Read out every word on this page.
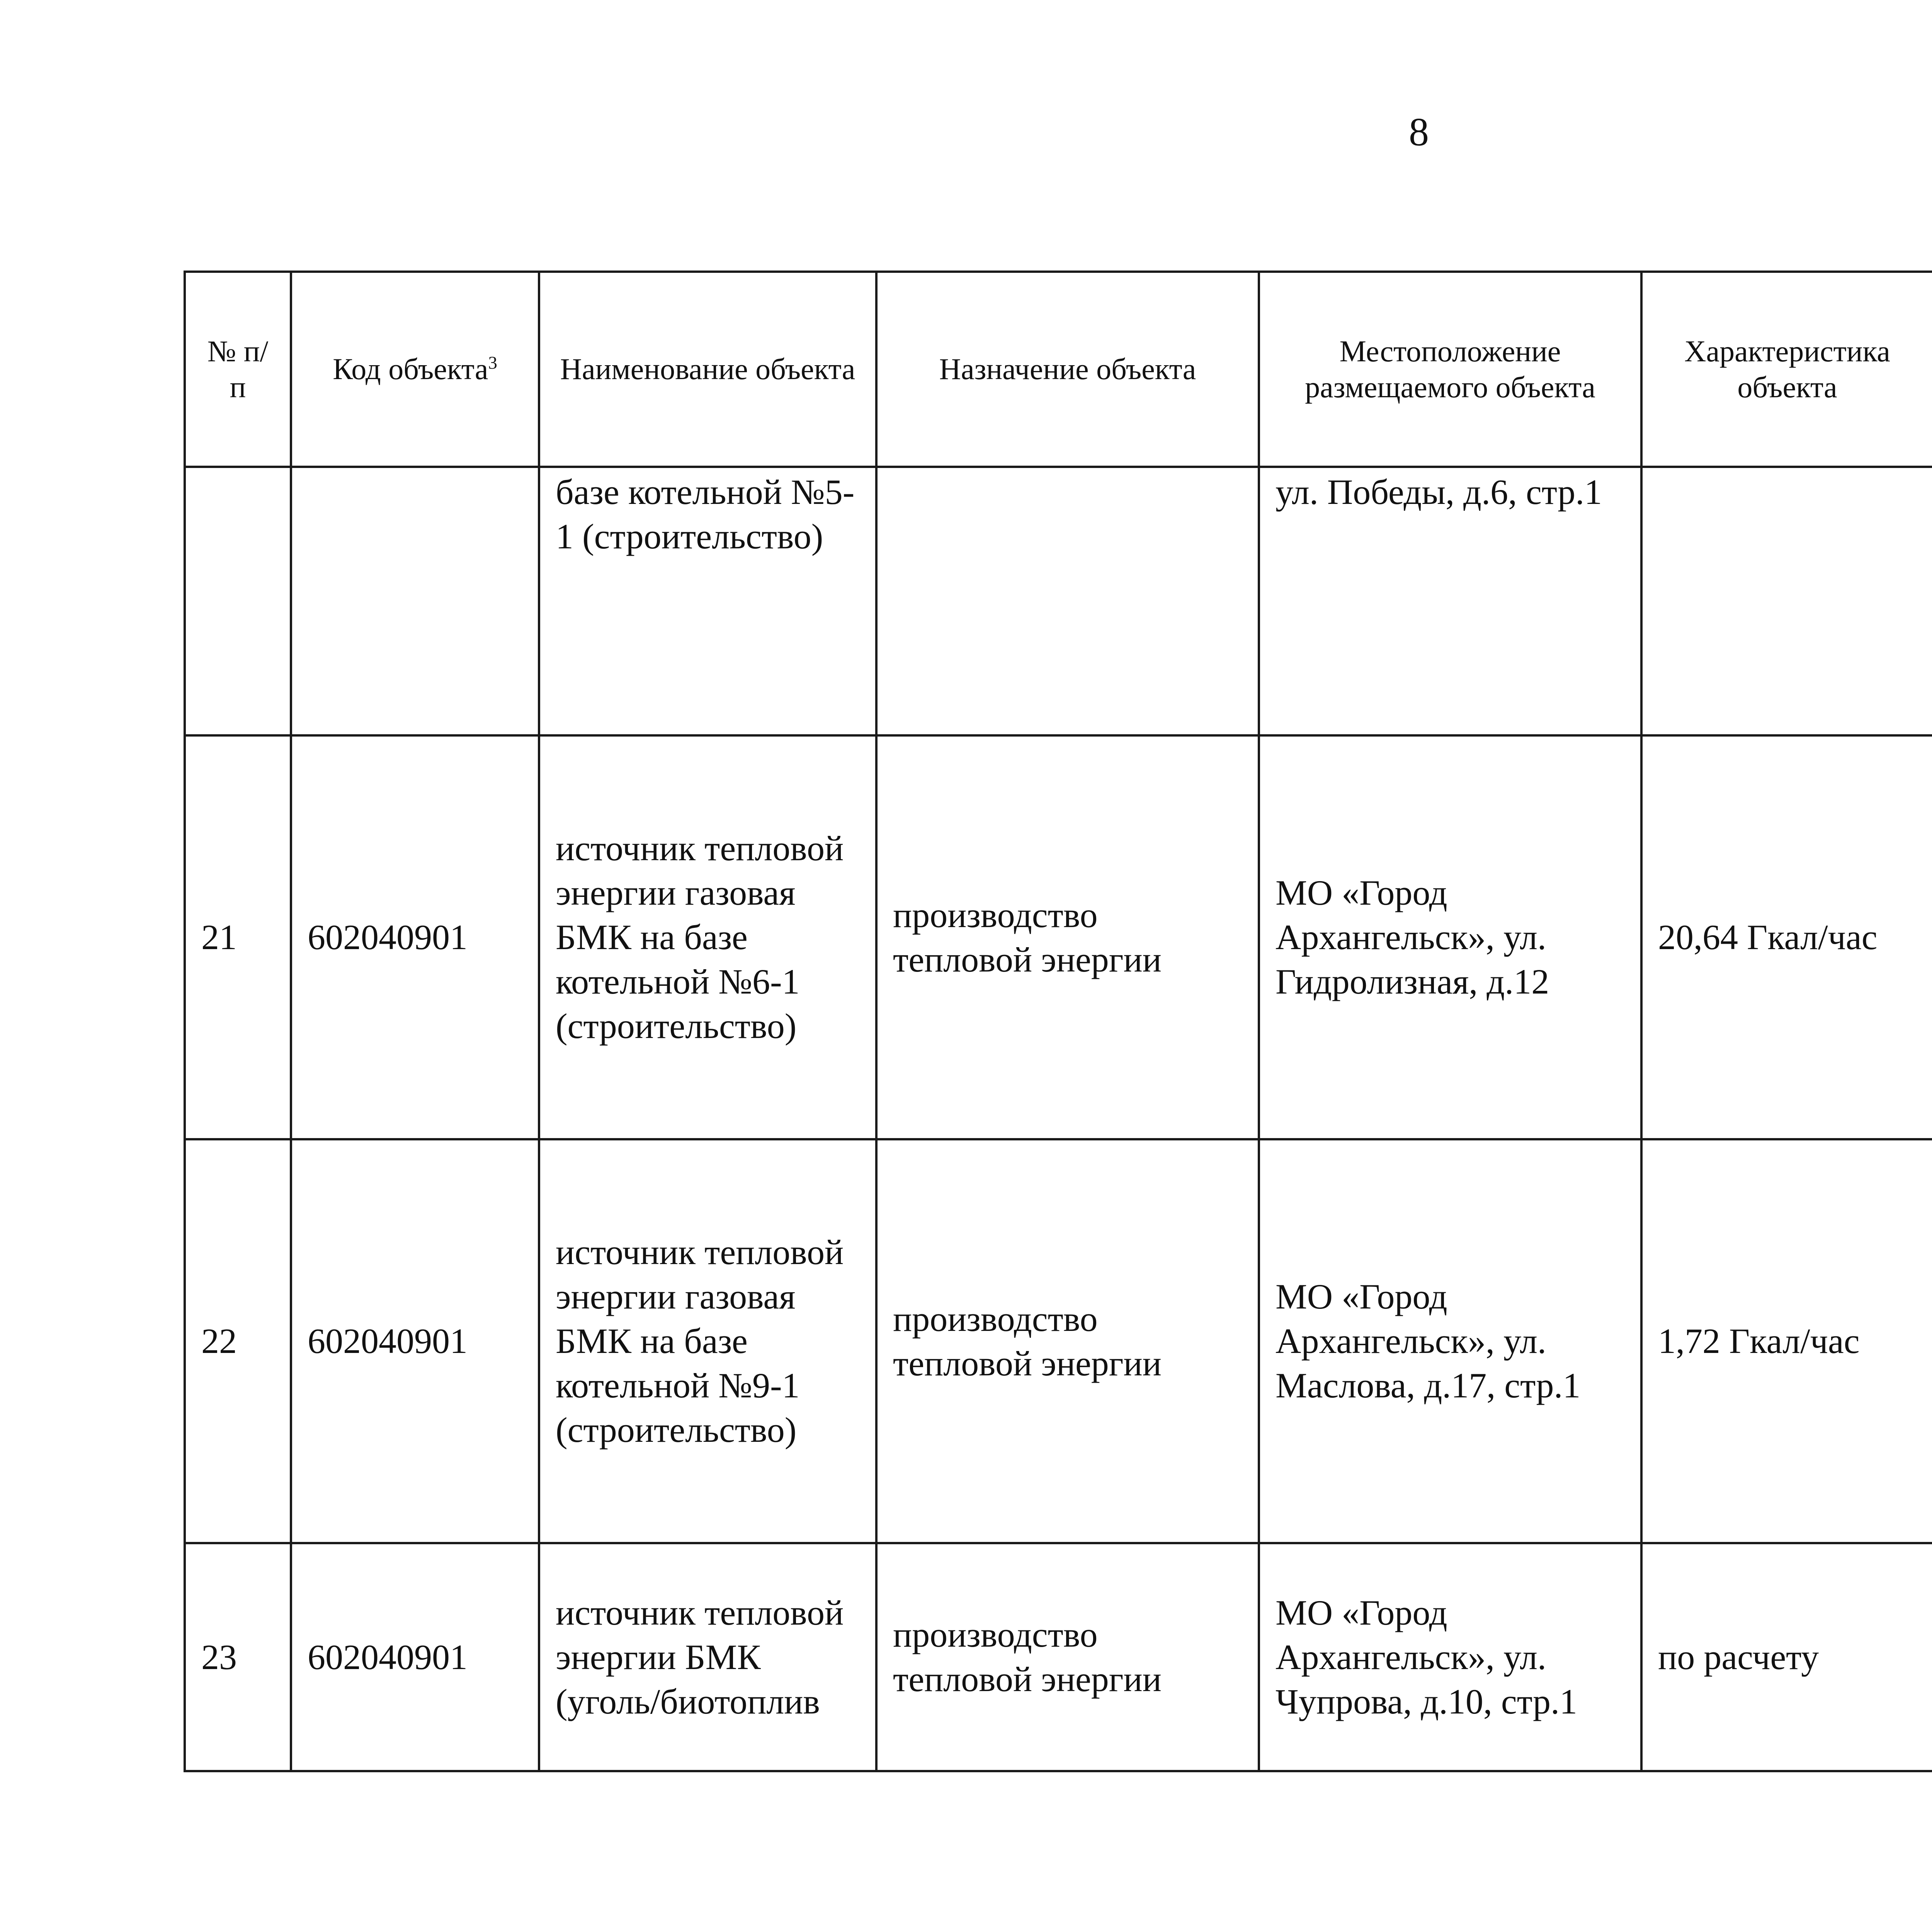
8
№ п/п	Код объекта$^3$	Наименование объекта	Назначение объекта	Местоположение размещаемого объекта	Характеристика объекта	
		базе котельной №5-1 (строительство)		ул. Победы, д.6, стр.1		
21	602040901	источник тепловой энергии газовая БМК на базе котельной №6-1 (строительство)	производство тепловой энергии	МО «Город Архангельск», ул. Гидролизная, д.12	20,64 Гкал/час	
22	602040901	источник тепловой энергии газовая БМК на базе котельной №9-1 (строительство)	производство тепловой энергии	МО «Город Архангельск», ул. Маслова, д.17, стр.1	1,72 Гкал/час	
23	602040901	источник тепловой энергии БМК (уголь/биотоплив	производство тепловой энергии	МО «Город Архангельск», ул. Чупрова, д.10, стр.1	по расчету	
